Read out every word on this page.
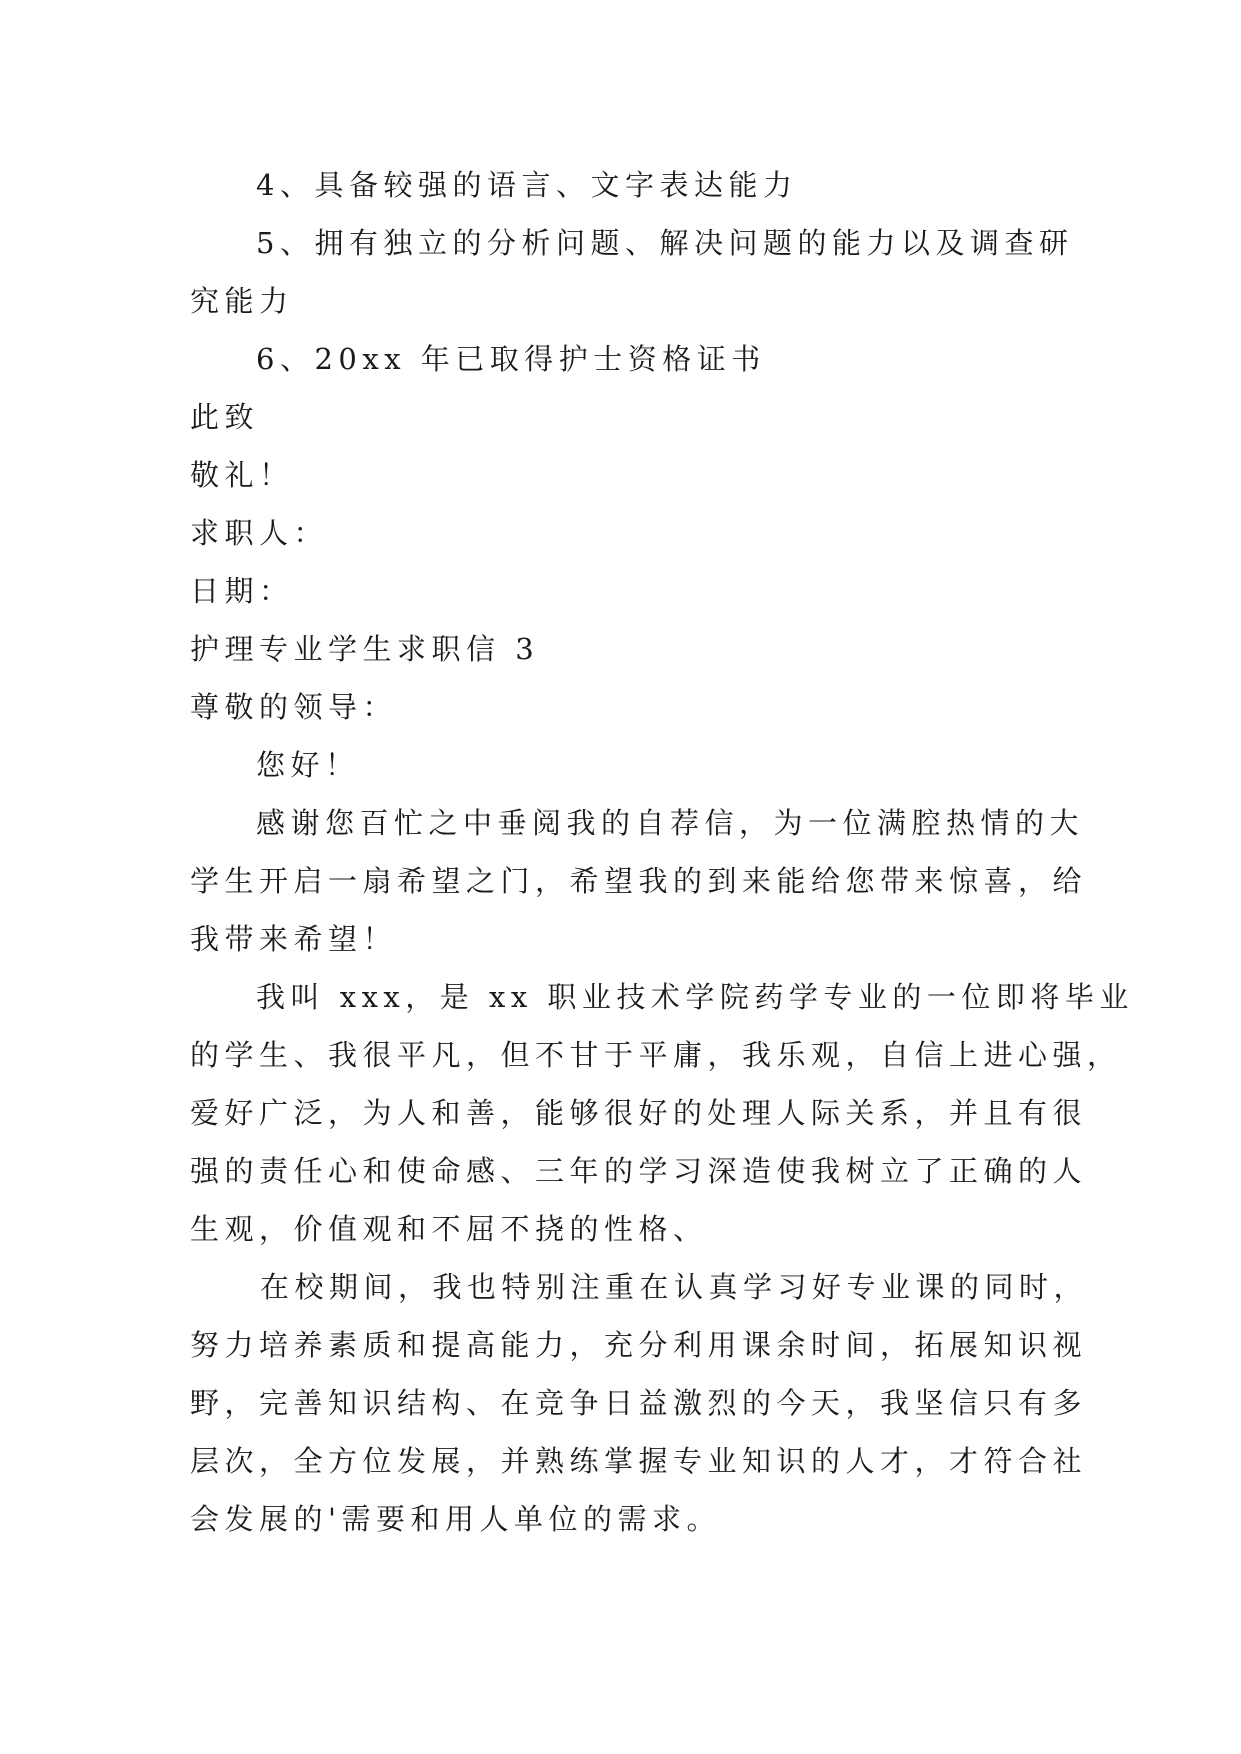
4、具备较强的语言、文字表达能力

5、拥有独立的分析问题、解决问题的能力以及调查研
究能力

6、20xx 年已取得护士资格证书

此致

敬礼！

求职人：

日期：

护理专业学生求职信 3

尊敬的领导：

您好！

感谢您百忙之中垂阅我的自荐信，为一位满腔热情的大
学生开启一扇希望之门，希望我的到来能给您带来惊喜，给
我带来希望！
我叫 xxx，是 xx 职业技术学院药学专业的一位即将毕业
的学生、我很平凡，但不甘于平庸，我乐观，自信上进心强，
爱好广泛，为人和善，能够很好的处理人际关系，并且有很
强的责任心和使命感、三年的学习深造使我树立了正确的人
生观，价值观和不屈不挠的性格、
在校期间，我也特别注重在认真学习好专业课的同时，
努力培养素质和提高能力，充分利用课余时间，拓展知识视
野，完善知识结构、在竞争日益激烈的今天，我坚信只有多
层次，全方位发展，并熟练掌握专业知识的人才，才符合社
会发展的'需要和用人单位的需求。
